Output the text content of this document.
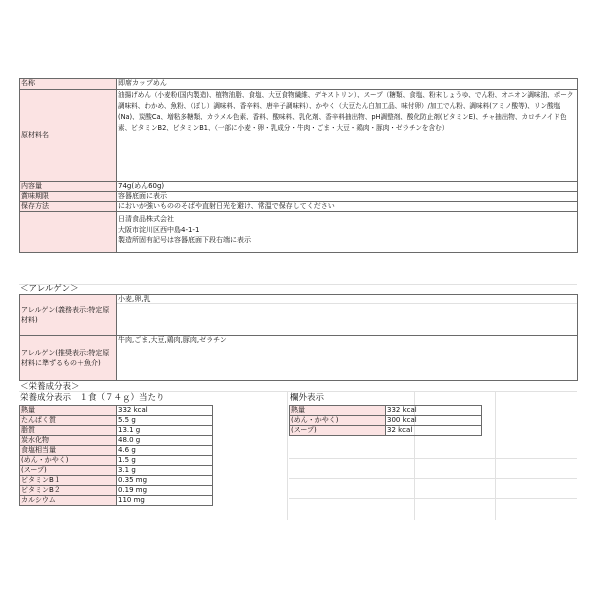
名称	即席カップめん
原材料名	油揚げめん（小麦粉(国内製造)、植物油脂、食塩、大豆食物繊維、デキストリン）、スープ（糖類、食塩、粉末しょうゆ、でん粉、オニオン調味油、ポーク調味料、わかめ、魚粉、（ぼし）調味料、香辛料、唐辛子調味料）、かやく（大豆たん白加工品、味付卵）/加工でん粉、調味料(アミノ酸等)、リン酸塩(Na)、炭酸Ca、増粘多糖類、カラメル色素、香料、酸味料、乳化剤、香辛料抽出物、pH調整剤、酸化防止剤(ビタミンE)、チャ抽出物、カロチノイド色素、ビタミンB2、ビタミンB1、（一部に小麦・卵・乳成分・牛肉・ごま・大豆・鶏肉・豚肉・ゼラチンを含む）
内容量	74g(めん60g)
賞味期限	容器底面に表示
保存方法	においが強いもののそばや直射日光を避け、常温で保存してください
	日清食品株式会社
大阪市淀川区西中島4-1-1
製造所固有記号は容器底面下段右端に表示
＜アレルゲン＞
アレルゲン(義務表示:特定原材料)	小麦,卵,乳
アレルゲン(推奨表示:特定原材料に準ずるもの＋魚介)	牛肉,ごま,大豆,鶏肉,豚肉,ゼラチン
＜栄養成分表＞
栄養成分表示　１食（７４ｇ）当たり
熱量	332 kcal
たんぱく質	5.5 g
脂質	13.1 g
炭水化物	48.0 g
食塩相当量	4.6 g
(めん・かやく)	1.5 g
(スープ)	3.1 g
ビタミンB１	0.35 mg
ビタミンB２	0.19 mg
カルシウム	110 mg
欄外表示
熱量	332 kcal
(めん・かやく)	300 kcal
(スープ)	32 kcal
